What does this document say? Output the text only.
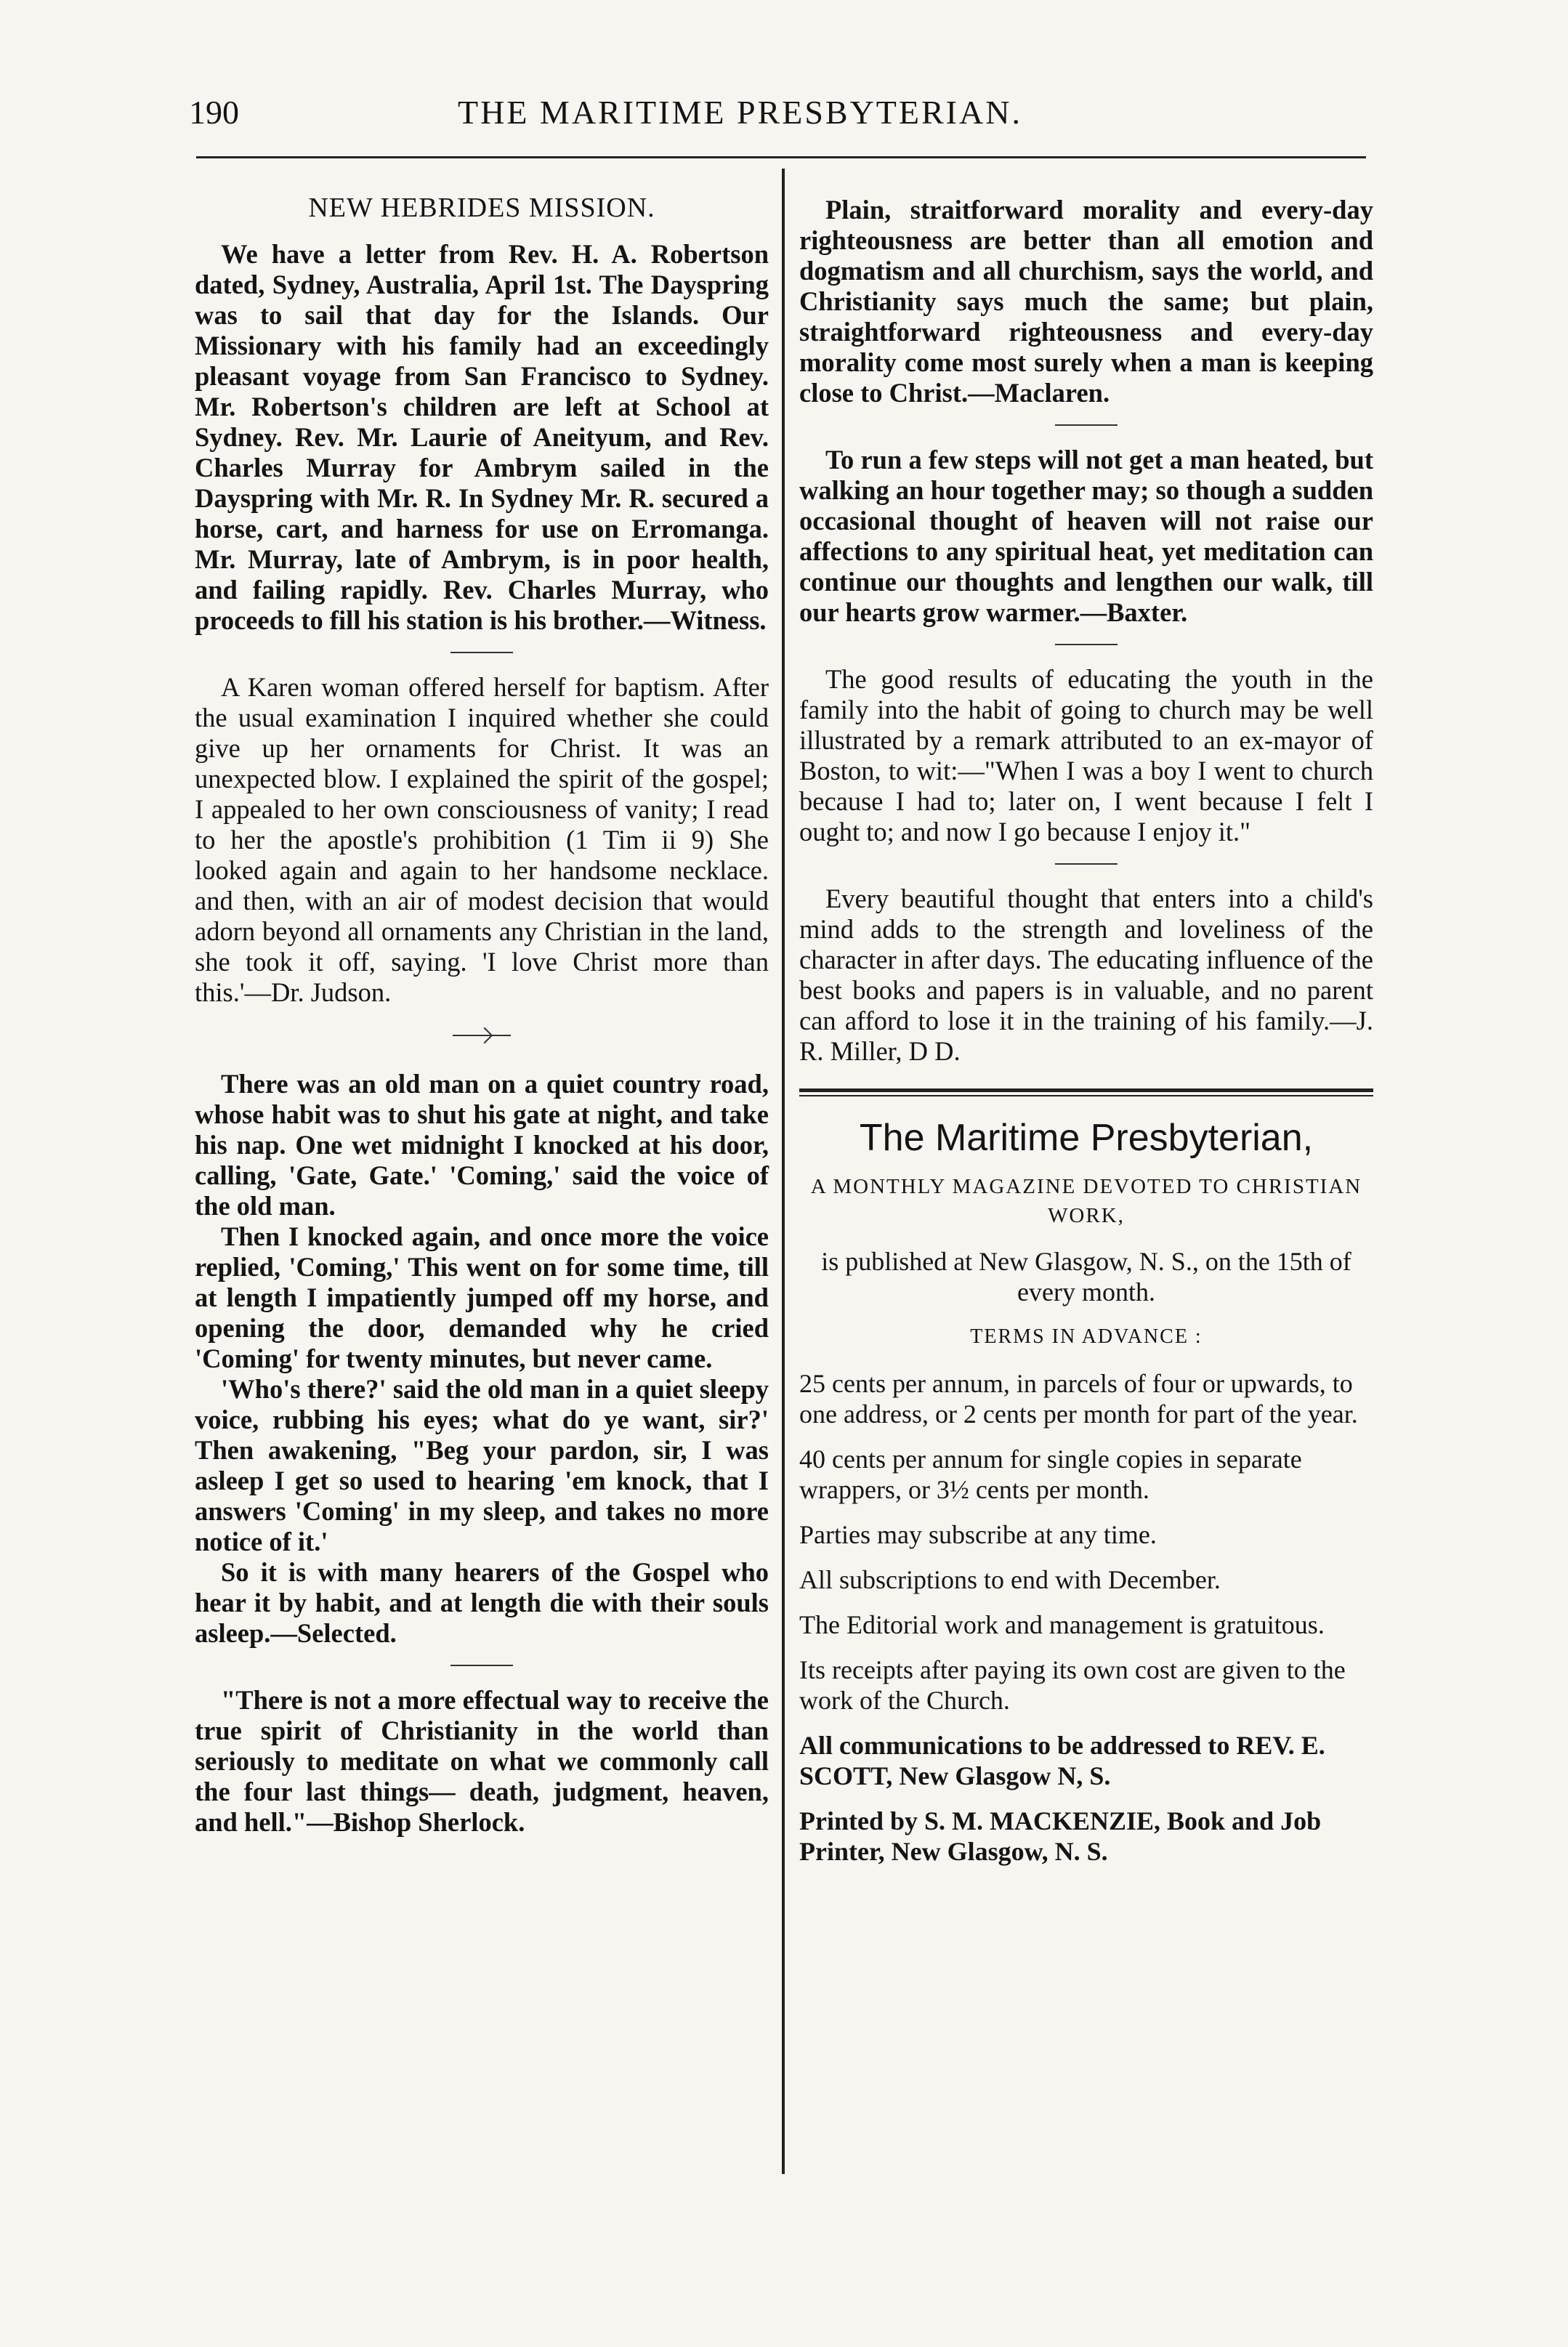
190	THE MARITIME PRESBYTERIAN.
NEW HEBRIDES MISSION.

We have a letter from Rev. H. A. Robertson dated, Sydney, Australia, April 1st. The Dayspring was to sail that day for the Islands. Our Missionary with his family had an exceedingly pleasant voyage from San Francisco to Sydney. Mr. Robertson's children are left at School at Sydney. Rev. Mr. Laurie of Aneityum, and Rev. Charles Murray for Ambrym sailed in the Dayspring with Mr. R. In Sydney Mr. R. secured a horse, cart, and harness for use on Erromanga. Mr. Murray, late of Ambrym, is in poor health, and failing rapidly. Rev. Charles Murray, who proceeds to fill his station is his brother.—Witness.

A Karen woman offered herself for baptism. After the usual examination I inquired whether she could give up her ornaments for Christ. It was an unexpected blow. I explained the spirit of the gospel; I appealed to her own consciousness of vanity; I read to her the apostle's prohibition (1 Tim ii 9) She looked again and again to her handsome necklace. and then, with an air of modest decision that would adorn beyond all ornaments any Christian in the land, she took it off, saying. 'I love Christ more than this.'—Dr. Judson.

There was an old man on a quiet country road, whose habit was to shut his gate at night, and take his nap. One wet midnight I knocked at his door, calling, 'Gate, Gate.' 'Coming,' said the voice of the old man.

Then I knocked again, and once more the voice replied, 'Coming,' This went on for some time, till at length I impatiently jumped off my horse, and opening the door, demanded why he cried 'Coming' for twenty minutes, but never came.

'Who's there?' said the old man in a quiet sleepy voice, rubbing his eyes; what do ye want, sir?' Then awakening, "Beg your pardon, sir, I was asleep I get so used to hearing 'em knock, that I answers 'Coming' in my sleep, and takes no more notice of it.'

So it is with many hearers of the Gospel who hear it by habit, and at length die with their souls asleep.—Selected.

"There is not a more effectual way to receive the true spirit of Christianity in the world than seriously to meditate on what we commonly call the four last things— death, judgment, heaven, and hell."—Bishop Sherlock.

Plain, straitforward morality and every-day righteousness are better than all emotion and dogmatism and all churchism, says the world, and Christianity says much the same; but plain, straightforward righteousness and every-day morality come most surely when a man is keeping close to Christ.—Maclaren.

To run a few steps will not get a man heated, but walking an hour together may; so though a sudden occasional thought of heaven will not raise our affections to any spiritual heat, yet meditation can continue our thoughts and lengthen our walk, till our hearts grow warmer.—Baxter.

The good results of educating the youth in the family into the habit of going to church may be well illustrated by a remark attributed to an ex-mayor of Boston, to wit:—"When I was a boy I went to church because I had to; later on, I went because I felt I ought to; and now I go because I enjoy it."

Every beautiful thought that enters into a child's mind adds to the strength and loveliness of the character in after days. The educating influence of the best books and papers is in valuable, and no parent can afford to lose it in the training of his family.—J. R. Miller, D D.

The Maritime Presbyterian,
A MONTHLY MAGAZINE DEVOTED TO CHRISTIAN WORK,

is published at New Glasgow, N. S., on the 15th of every month.

TERMS IN ADVANCE :

25 cents per annum, in parcels of four or upwards, to one address, or 2 cents per month for part of the year.

40 cents per annum for single copies in separate wrappers, or 3½ cents per month.

Parties may subscribe at any time.

All subscriptions to end with December.

The Editorial work and management is gratuitous.

Its receipts after paying its own cost are given to the work of the Church.

All communications to be addressed to REV. E. SCOTT, New Glasgow N, S.

Printed by S. M. MACKENZIE, Book and Job Printer, New Glasgow, N. S.
